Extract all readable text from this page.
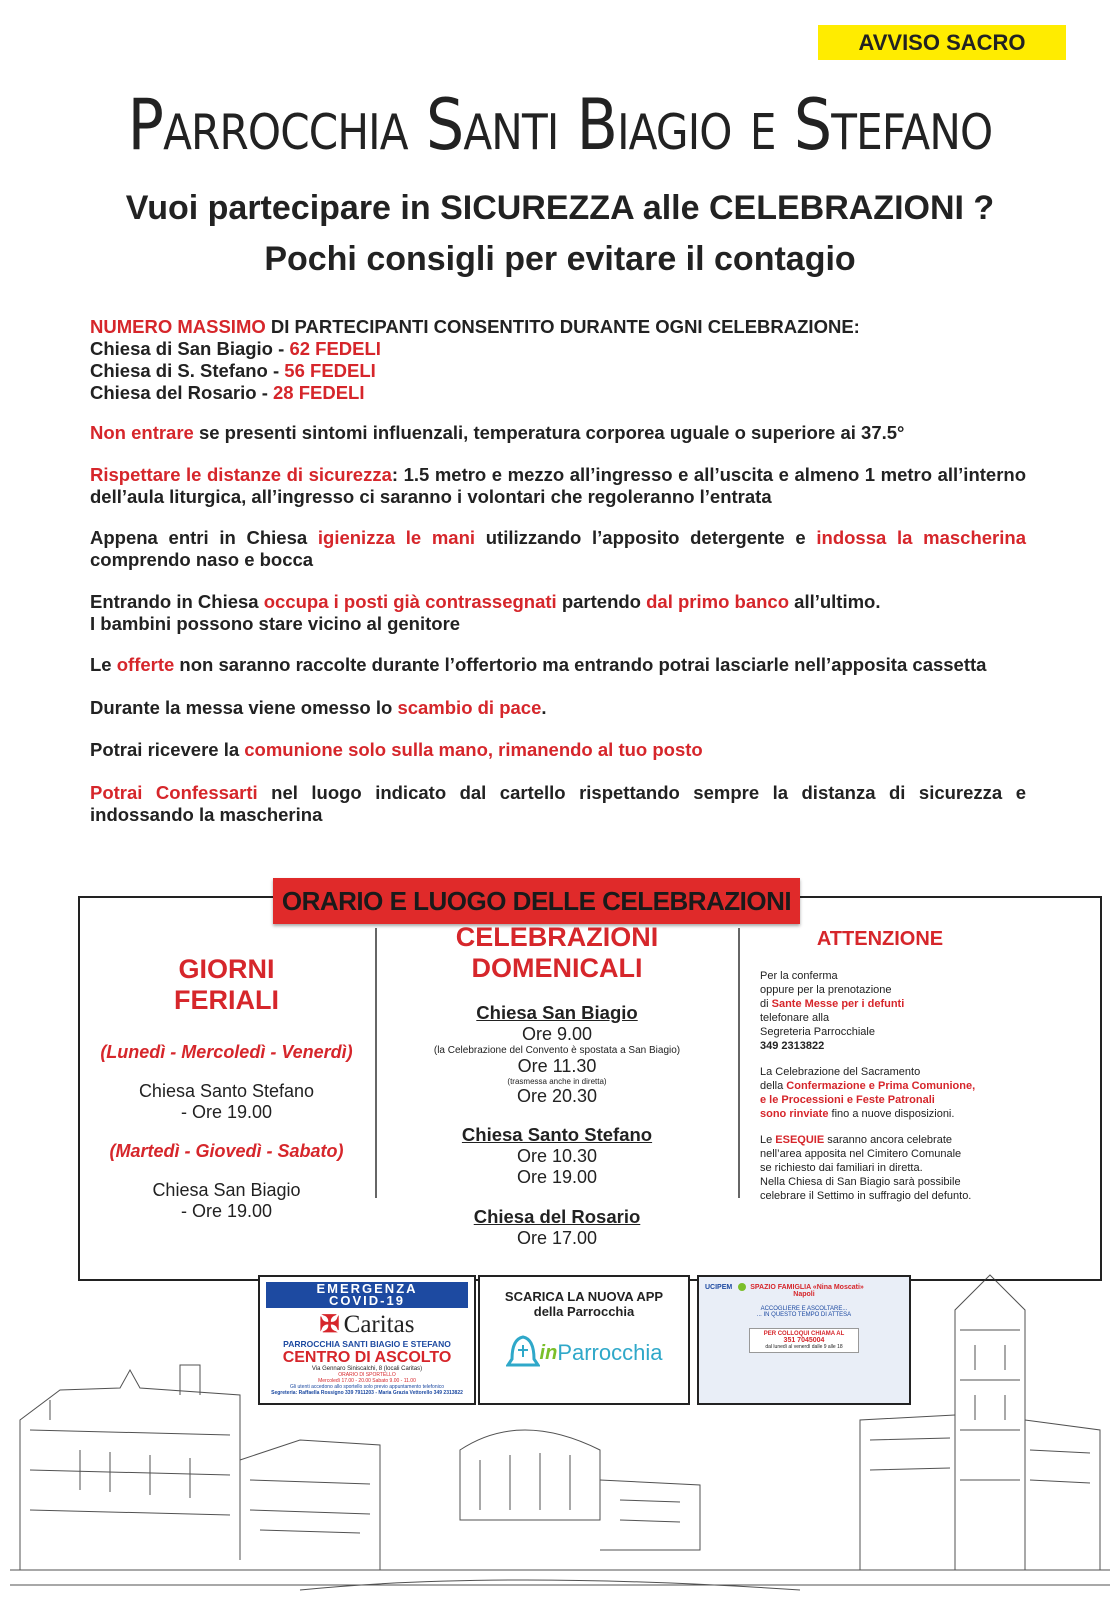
AVVISO SACRO
Parrocchia Santi Biagio e Stefano
Vuoi partecipare in SICUREZZA alle CELEBRAZIONI ?
Pochi consigli per evitare il contagio

NUMERO MASSIMO DI PARTECIPANTI CONSENTITO DURANTE OGNI CELEBRAZIONE:

Chiesa di San Biagio - 62 FEDELI

Chiesa di S. Stefano - 56 FEDELI

Chiesa del Rosario - 28 FEDELI

Non entrare se presenti sintomi influenzali, temperatura corporea uguale o superiore ai 37.5°

Rispettare le distanze di sicurezza: 1.5 metro e mezzo all’ingresso e all’uscita e almeno 1 metro all’interno dell’aula liturgica, all’ingresso ci saranno i volontari che regoleranno l’entrata

Appena entri in Chiesa igienizza le mani utilizzando l’apposito detergente e indossa la mascherina comprendo naso e bocca

Entrando in Chiesa occupa i posti già contrassegnati partendo dal primo banco all’ultimo.

I bambini possono stare vicino al genitore

Le offerte non saranno raccolte durante l’offertorio ma entrando potrai lasciarle nell’apposita cassetta

Durante la messa viene omesso lo scambio di pace.

Potrai ricevere la comunione solo sulla mano, rimanendo al tuo posto

Potrai Confessarti nel luogo indicato dal cartello rispettando sempre la distanza di sicurezza e indossando la mascherina

ORARIO E LUOGO DELLE CELEBRAZIONI
GIORNI
FERIALI
(Lunedì - Mercoledì - Venerdì)
Chiesa Santo Stefano
- Ore 19.00
(Martedì - Giovedì - Sabato)
Chiesa San Biagio
- Ore 19.00
CELEBRAZIONI
DOMENICALI
Chiesa San Biagio
Ore 9.00
(la Celebrazione del Convento è spostata a San Biagio)
Ore 11.30
(trasmessa anche in diretta)
Ore 20.30
Chiesa Santo Stefano
Ore 10.30
Ore 19.00
Chiesa del Rosario
Ore 17.00
ATTENZIONE
Per la conferma
oppure per la prenotazione
di Sante Messe per i defunti
telefonare alla
Segreteria Parrocchiale
349 2313822
La Celebrazione del Sacramento
della Confermazione e Prima Comunione,
e le Processioni e Feste Patronali
sono rinviate fino a nuove disposizioni.
Le ESEQUIE saranno ancora celebrate
nell’area apposita nel Cimitero Comunale
se richiesto dai familiari in diretta.
Nella Chiesa di San Biagio sarà possibile
celebrare il Settimo in suffragio del defunto.
EMERGENZA
COVID-19
✠ Caritas
PARROCCHIA SANTI BIAGIO E STEFANO
CENTRO DI ASCOLTO
Via Gennaro Siniscalchi, 8 (locali Caritas)
ORARIO DI SPORTELLO
Mercoledì 17.00 - 20.00 Sabato 9.00 - 11.00
Gli utenti accedono allo sportello solo previo appuntamento telefonico
Segreteria: Raffaella Rossigno 339 7911203 - Maria Grazia Vettorello 349 2313822
SCARICA LA NUOVA APP
della Parrocchia
in Parrocchia
UCIPEM	SPAZIO FAMIGLIA «Nina Moscati»
Napoli
ACCOGLIERE E ASCOLTARE...
... IN QUESTO TEMPO DI ATTESA
PER COLLOQUI CHIAMA AL
351 7045004
dal lunedì al venerdì dalle 9 alle 18
